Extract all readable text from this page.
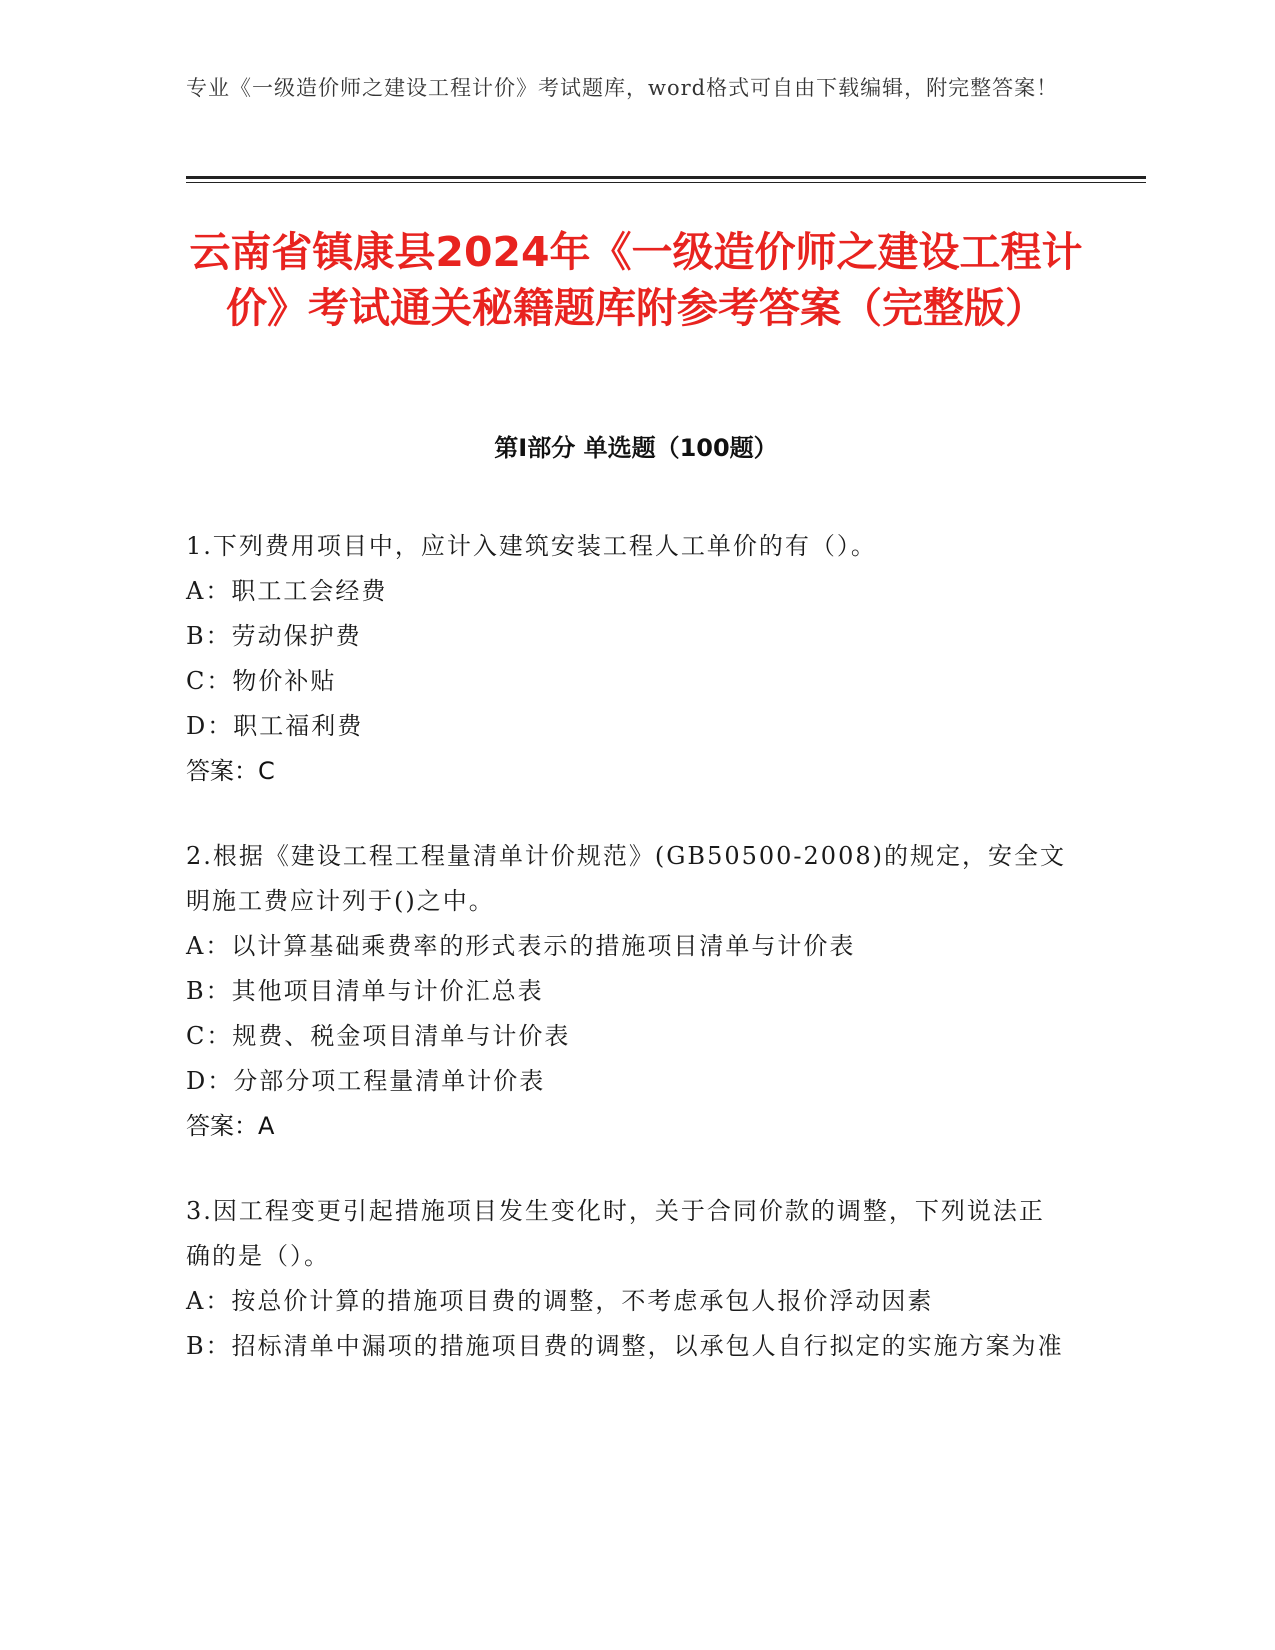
专业《一级造价师之建设工程计价》考试题库，word格式可自由下载编辑，附完整答案！
云南省镇康县2024年《一级造价师之建设工程计价》考试通关秘籍题库附参考答案（完整版）
第Ⅰ部分 单选题（100题）
1.下列费用项目中，应计入建筑安装工程人工单价的有（）。
A：职工工会经费
B：劳动保护费
C：物价补贴
D：职工福利费
答案：C
2.根据《建设工程工程量清单计价规范》(GB50500-2008)的规定，安全文明施工费应计列于()之中。
A：以计算基础乘费率的形式表示的措施项目清单与计价表
B：其他项目清单与计价汇总表
C：规费、税金项目清单与计价表
D：分部分项工程量清单计价表
答案：A
3.因工程变更引起措施项目发生变化时，关于合同价款的调整，下列说法正确的是（）。
A：按总价计算的措施项目费的调整，不考虑承包人报价浮动因素
B：招标清单中漏项的措施项目费的调整，以承包人自行拟定的实施方案为准
